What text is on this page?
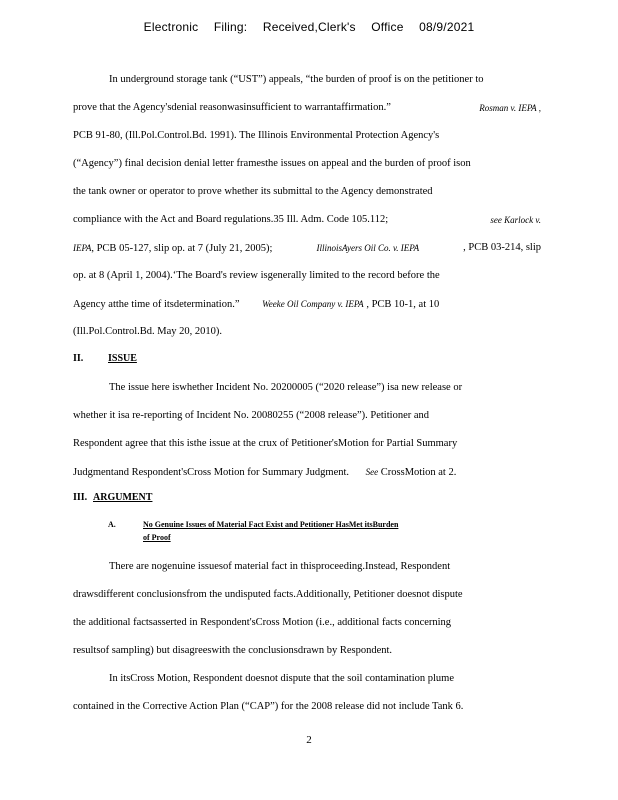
Electronic Filing: Received,Clerk's Office 08/9/2021
In underground storage tank (“UST”) appeals, “the burden of proof is on the petitioner to
prove that the Agency'sdenial reasonwasinsufficient to warrantaffirmation.”	Rosman v. IEPA ,
PCB 91-80, (Ill.Pol.Control.Bd. 1991). The Illinois Environmental Protection Agency's
(“Agency”) final decision denial letter framesthe issues on appeal and the burden of proof ison
the tank owner or operator to prove whether its submittal to the Agency demonstrated
compliance with the Act and Board regulations.35 Ill. Adm. Code 105.112;	see Karlock v.
IEPA, PCB 05-127, slip op. at 7 (July 21, 2005);	IllinoisAyers Oil Co. v. IEPA	, PCB 03-214, slip
op. at 8 (April 1, 2004).‘The Board's review isgenerally limited to the record before the
Agency atthe time of itsdetermination.”	Weeke Oil Company v. IEPA , PCB 10-1, at 10
(Ill.Pol.Control.Bd. May 20, 2010).
II. ISSUE
The issue here iswhether Incident No. 20200005 (“2020 release”) isa new release or
whether it isa re-reporting of Incident No. 20080255 (“2008 release”). Petitioner and
Respondent agree that this isthe issue at the crux of Petitioner'sMotion for Partial Summary
Judgmentand Respondent'sCross Motion for Summary Judgment. See CrossMotion at 2.
III. ARGUMENT
A.	No Genuine Issues of Material Fact Exist and Petitioner HasMet itsBurden
of Proof
There are nogenuine issuesof material fact in thisproceeding.Instead, Respondent
drawsdifferent conclusionsfrom the undisputed facts.Additionally, Petitioner doesnot dispute
the additional factsasserted in Respondent'sCross Motion (i.e., additional facts concerning
resultsof sampling) but disagreeswith the conclusionsdrawn by Respondent.
In itsCross Motion, Respondent doesnot dispute that the soil contamination plume
contained in the Corrective Action Plan (“CAP”) for the 2008 release did not include Tank 6.
2
